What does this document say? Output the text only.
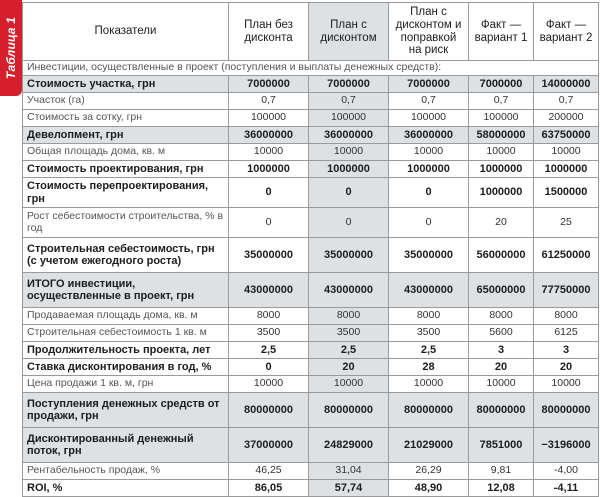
Таблица 1	Показатели	План без дисконта	План с дисконтом	План с дисконтом и поправкой на риск	Факт — вариант 1	Факт — вариант 2
Инвестиции, осуществленные в проект (поступления и выплаты денежных средств):					
Стоимость участка, грн	7000000	7000000	7000000	7000000	14000000
Участок (га)	0,7	0,7	0,7	0,7	0,7
Стоимость за сотку, грн	100000	100000	100000	100000	200000
Девелопмент, грн	36000000	36000000	36000000	58000000	63750000
Общая площадь дома, кв. м	10000	10000	10000	10000	10000
Стоимость проектирования, грн	1000000	1000000	1000000	1000000	1000000
Стоимость перепроектирования, грн	0	0	0	1000000	1500000
Рост себестоимости строительства, % в год	0	0	0	20	25
Строительная себестоимость, грн (с учетом ежегодного роста)	35000000	35000000	35000000	56000000	61250000
ИТОГО инвестиции, осуществленные в проект, грн	43000000	43000000	43000000	65000000	77750000
Продаваемая площадь дома, кв. м	8000	8000	8000	8000	8000
Строительная себестоимость 1 кв. м	3500	3500	3500	5600	6125
Продолжительность проекта, лет	2,5	2,5	2,5	3	3
Ставка дисконтирования в год, %	0	20	28	20	20
Цена продажи 1 кв. м, грн	10000	10000	10000	10000	10000
Поступления денежных средств от продажи, грн	80000000	80000000	80000000	80000000	80000000
Дисконтированный денежный поток, грн	37000000	24829000	21029000	7851000	−3196000
Рентабельность продаж, %	46,25	31,04	26,29	9,81	-4,00
ROI, %	86,05	57,74	48,90	12,08	-4,11
